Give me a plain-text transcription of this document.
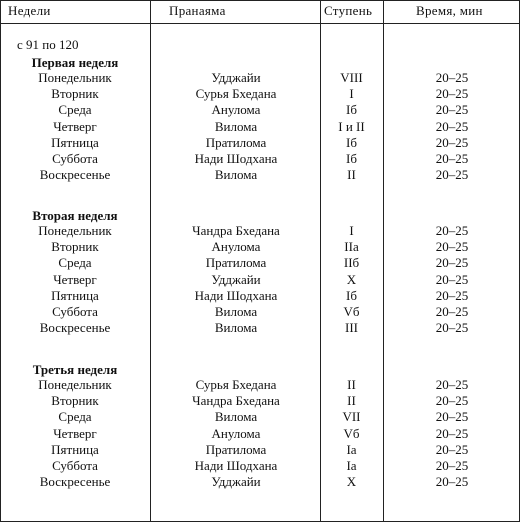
Недели	Пранаяма	Ступень	Время, мин
с 91 по 120
Первая неделя
Понедельник	Удджайи	VIII	20–25
Вторник	Сурья Бхедана	I	20–25
Среда	Анулома	Iб	20–25
Четверг	Вилома	I и II	20–25
Пятница	Пратилома	Iб	20–25
Суббота	Нади Шодхана	Iб	20–25
Воскресенье	Вилома	II	20–25
Вторая неделя
Понедельник	Чандра Бхедана	I	20–25
Вторник	Анулома	IIа	20–25
Среда	Пратилома	IIб	20–25
Четверг	Удджайи	X	20–25
Пятница	Нади Шодхана	Iб	20–25
Суббота	Вилома	Vб	20–25
Воскресенье	Вилома	III	20–25
Третья неделя
Понедельник	Сурья Бхедана	II	20–25
Вторник	Чандра Бхедана	II	20–25
Среда	Вилома	VII	20–25
Четверг	Анулома	Vб	20–25
Пятница	Пратилома	Iа	20–25
Суббота	Нади Шодхана	Iа	20–25
Воскресенье	Удджайи	X	20–25
